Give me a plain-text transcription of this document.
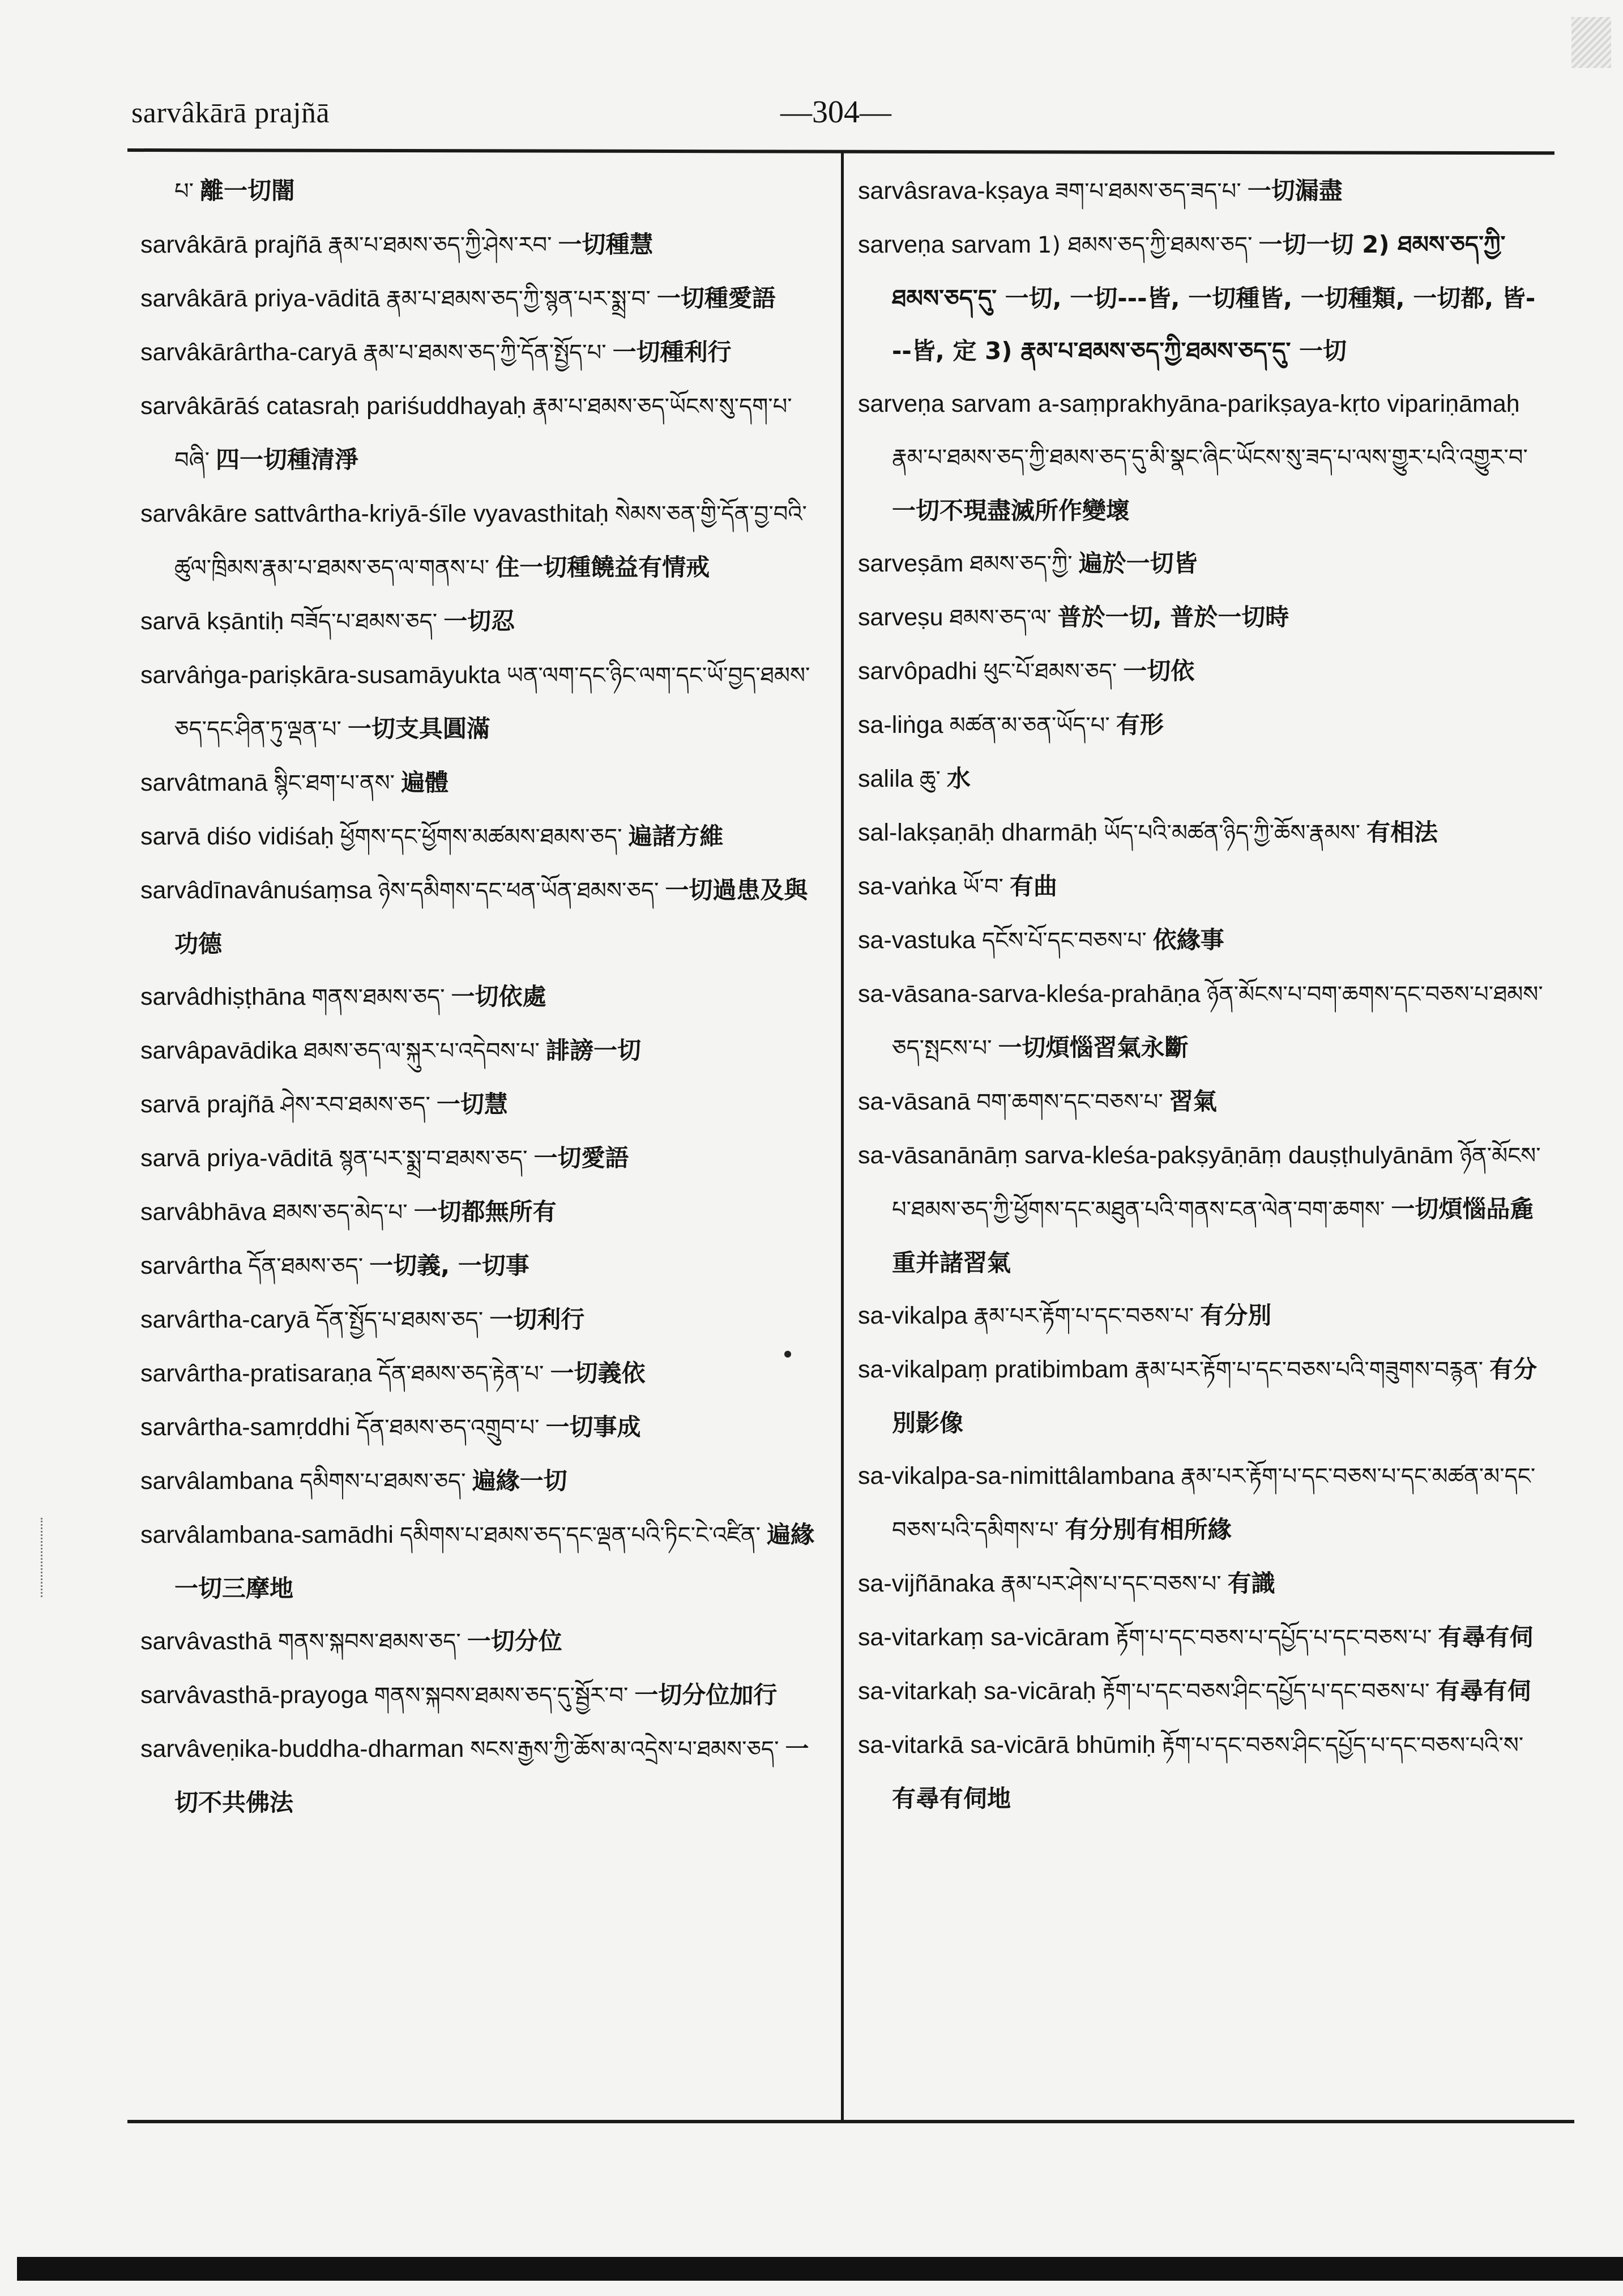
sarvâkārā prajñā	—304—
པ་ 離一切闇
sarvâkārā prajñā རྣམ་པ་ཐམས་ཅད་ཀྱི་ཤེས་རབ་ 一切種慧
sarvâkārā priya-vāditā རྣམ་པ་ཐམས་ཅད་ཀྱི་སྙན་པར་སྨྲ་བ་ 一切種愛語
sarvâkārârtha-caryā རྣམ་པ་ཐམས་ཅད་ཀྱི་དོན་སྤྱོད་པ་ 一切種利行
sarvâkārāś catasraḥ pariśuddhayaḥ རྣམ་པ་ཐམས་ཅད་ཡོངས་སུ་དག་པ་བཞི་ 四一切種清淨
sarvâkāre sattvârtha-kriyā-śīle vyavasthitaḥ སེམས་ཅན་གྱི་དོན་བྱ་བའི་ཚུལ་ཁྲིམས་རྣམ་པ་ཐམས་ཅད་ལ་གནས་པ་ 住一切種饒益有情戒
sarvā kṣāntiḥ བཟོད་པ་ཐམས་ཅད་ 一切忍
sarvâṅga-pariṣkāra-susamāyukta ཡན་ལག་དང་ཉིང་ལག་དང་ཡོ་བྱད་ཐམས་ཅད་དང་ཤིན་ཏུ་ལྡན་པ་ 一切支具圓滿
sarvâtmanā སྙིང་ཐག་པ་ནས་ 遍體
sarvā diśo vidiśaḥ ཕྱོགས་དང་ཕྱོགས་མཚམས་ཐམས་ཅད་ 遍諸方維
sarvâdīnavânuśaṃsa ཉེས་དམིགས་དང་ཕན་ཡོན་ཐམས་ཅད་ 一切過患及與功德
sarvâdhiṣṭhāna གནས་ཐམས་ཅད་ 一切依處
sarvâpavādika ཐམས་ཅད་ལ་སྐུར་པ་འདེབས་པ་ 誹謗一切
sarvā prajñā ཤེས་རབ་ཐམས་ཅད་ 一切慧
sarvā priya-vāditā སྙན་པར་སྨྲ་བ་ཐམས་ཅད་ 一切愛語
sarvâbhāva ཐམས་ཅད་མེད་པ་ 一切都無所有
sarvârtha དོན་ཐམས་ཅད་ 一切義, 一切事
sarvârtha-caryā དོན་སྤྱོད་པ་ཐམས་ཅད་ 一切利行
sarvârtha-pratisaraṇa དོན་ཐམས་ཅད་རྟེན་པ་ 一切義依
sarvârtha-samṛddhi དོན་ཐམས་ཅད་འགྲུབ་པ་ 一切事成
sarvâlambana དམིགས་པ་ཐམས་ཅད་ 遍緣一切
sarvâlambana-samādhi དམིགས་པ་ཐམས་ཅད་དང་ལྡན་པའི་ཏིང་ངེ་འཛིན་ 遍緣一切三摩地
sarvâvasthā གནས་སྐབས་ཐམས་ཅད་ 一切分位
sarvâvasthā-prayoga གནས་སྐབས་ཐམས་ཅད་དུ་སྦྱོར་བ་ 一切分位加行
sarvâveṇika-buddha-dharman སངས་རྒྱས་ཀྱི་ཆོས་མ་འདྲེས་པ་ཐམས་ཅད་ 一切不共佛法
sarvâsrava-kṣaya ཟག་པ་ཐམས་ཅད་ཟད་པ་ 一切漏盡
sarveṇa sarvam 1) ཐམས་ཅད་ཀྱི་ཐམས་ཅད་ 一切一切 2) ཐམས་ཅད་ཀྱི་ཐམས་ཅད་དུ་ 一切, 一切---皆, 一切種皆, 一切種類, 一切都, 皆---皆, 定 3) རྣམ་པ་ཐམས་ཅད་ཀྱི་ཐམས་ཅད་དུ་ 一切
sarveṇa sarvam a-saṃprakhyāna-parikṣaya-kṛto vipariṇāmaḥ རྣམ་པ་ཐམས་ཅད་ཀྱི་ཐམས་ཅད་དུ་མི་སྣང་ཞིང་ཡོངས་སུ་ཟད་པ་ལས་གྱུར་པའི་འགྱུར་བ་ 一切不現盡滅所作變壞
sarveṣām ཐམས་ཅད་ཀྱི་ 遍於一切皆
sarveṣu ཐམས་ཅད་ལ་ 普於一切, 普於一切時
sarvôpadhi ཕུང་པོ་ཐམས་ཅད་ 一切依
sa-liṅga མཚན་མ་ཅན་ཡོད་པ་ 有形
salila ཆུ་ 水
sal-lakṣaṇāḥ dharmāḥ ཡོད་པའི་མཚན་ཉིད་ཀྱི་ཆོས་རྣམས་ 有相法
sa-vaṅka ཡོ་བ་ 有曲
sa-vastuka དངོས་པོ་དང་བཅས་པ་ 依緣事
sa-vāsana-sarva-kleśa-prahāṇa ཉོན་མོངས་པ་བག་ཆགས་དང་བཅས་པ་ཐམས་ཅད་སྤངས་པ་ 一切煩惱習氣永斷
sa-vāsanā བག་ཆགས་དང་བཅས་པ་ 習氣
sa-vāsanānāṃ sarva-kleśa-pakṣyāṇāṃ dauṣṭhulyānām ཉོན་མོངས་པ་ཐམས་ཅད་ཀྱི་ཕྱོགས་དང་མཐུན་པའི་གནས་ངན་ལེན་བག་ཆགས་ 一切煩惱品麁重并諸習氣
sa-vikalpa རྣམ་པར་རྟོག་པ་དང་བཅས་པ་ 有分別
sa-vikalpaṃ pratibimbam རྣམ་པར་རྟོག་པ་དང་བཅས་པའི་གཟུགས་བརྙན་ 有分別影像
sa-vikalpa-sa-nimittâlambana རྣམ་པར་རྟོག་པ་དང་བཅས་པ་དང་མཚན་མ་དང་བཅས་པའི་དམིགས་པ་ 有分別有相所緣
sa-vijñānaka རྣམ་པར་ཤེས་པ་དང་བཅས་པ་ 有識
sa-vitarkaṃ sa-vicāram རྟོག་པ་དང་བཅས་པ་དཔྱོད་པ་དང་བཅས་པ་ 有尋有伺
sa-vitarkaḥ sa-vicāraḥ རྟོག་པ་དང་བཅས་ཤིང་དཔྱོད་པ་དང་བཅས་པ་ 有尋有伺
sa-vitarkā sa-vicārā bhūmiḥ རྟོག་པ་དང་བཅས་ཤིང་དཔྱོད་པ་དང་བཅས་པའི་ས་ 有尋有伺地
